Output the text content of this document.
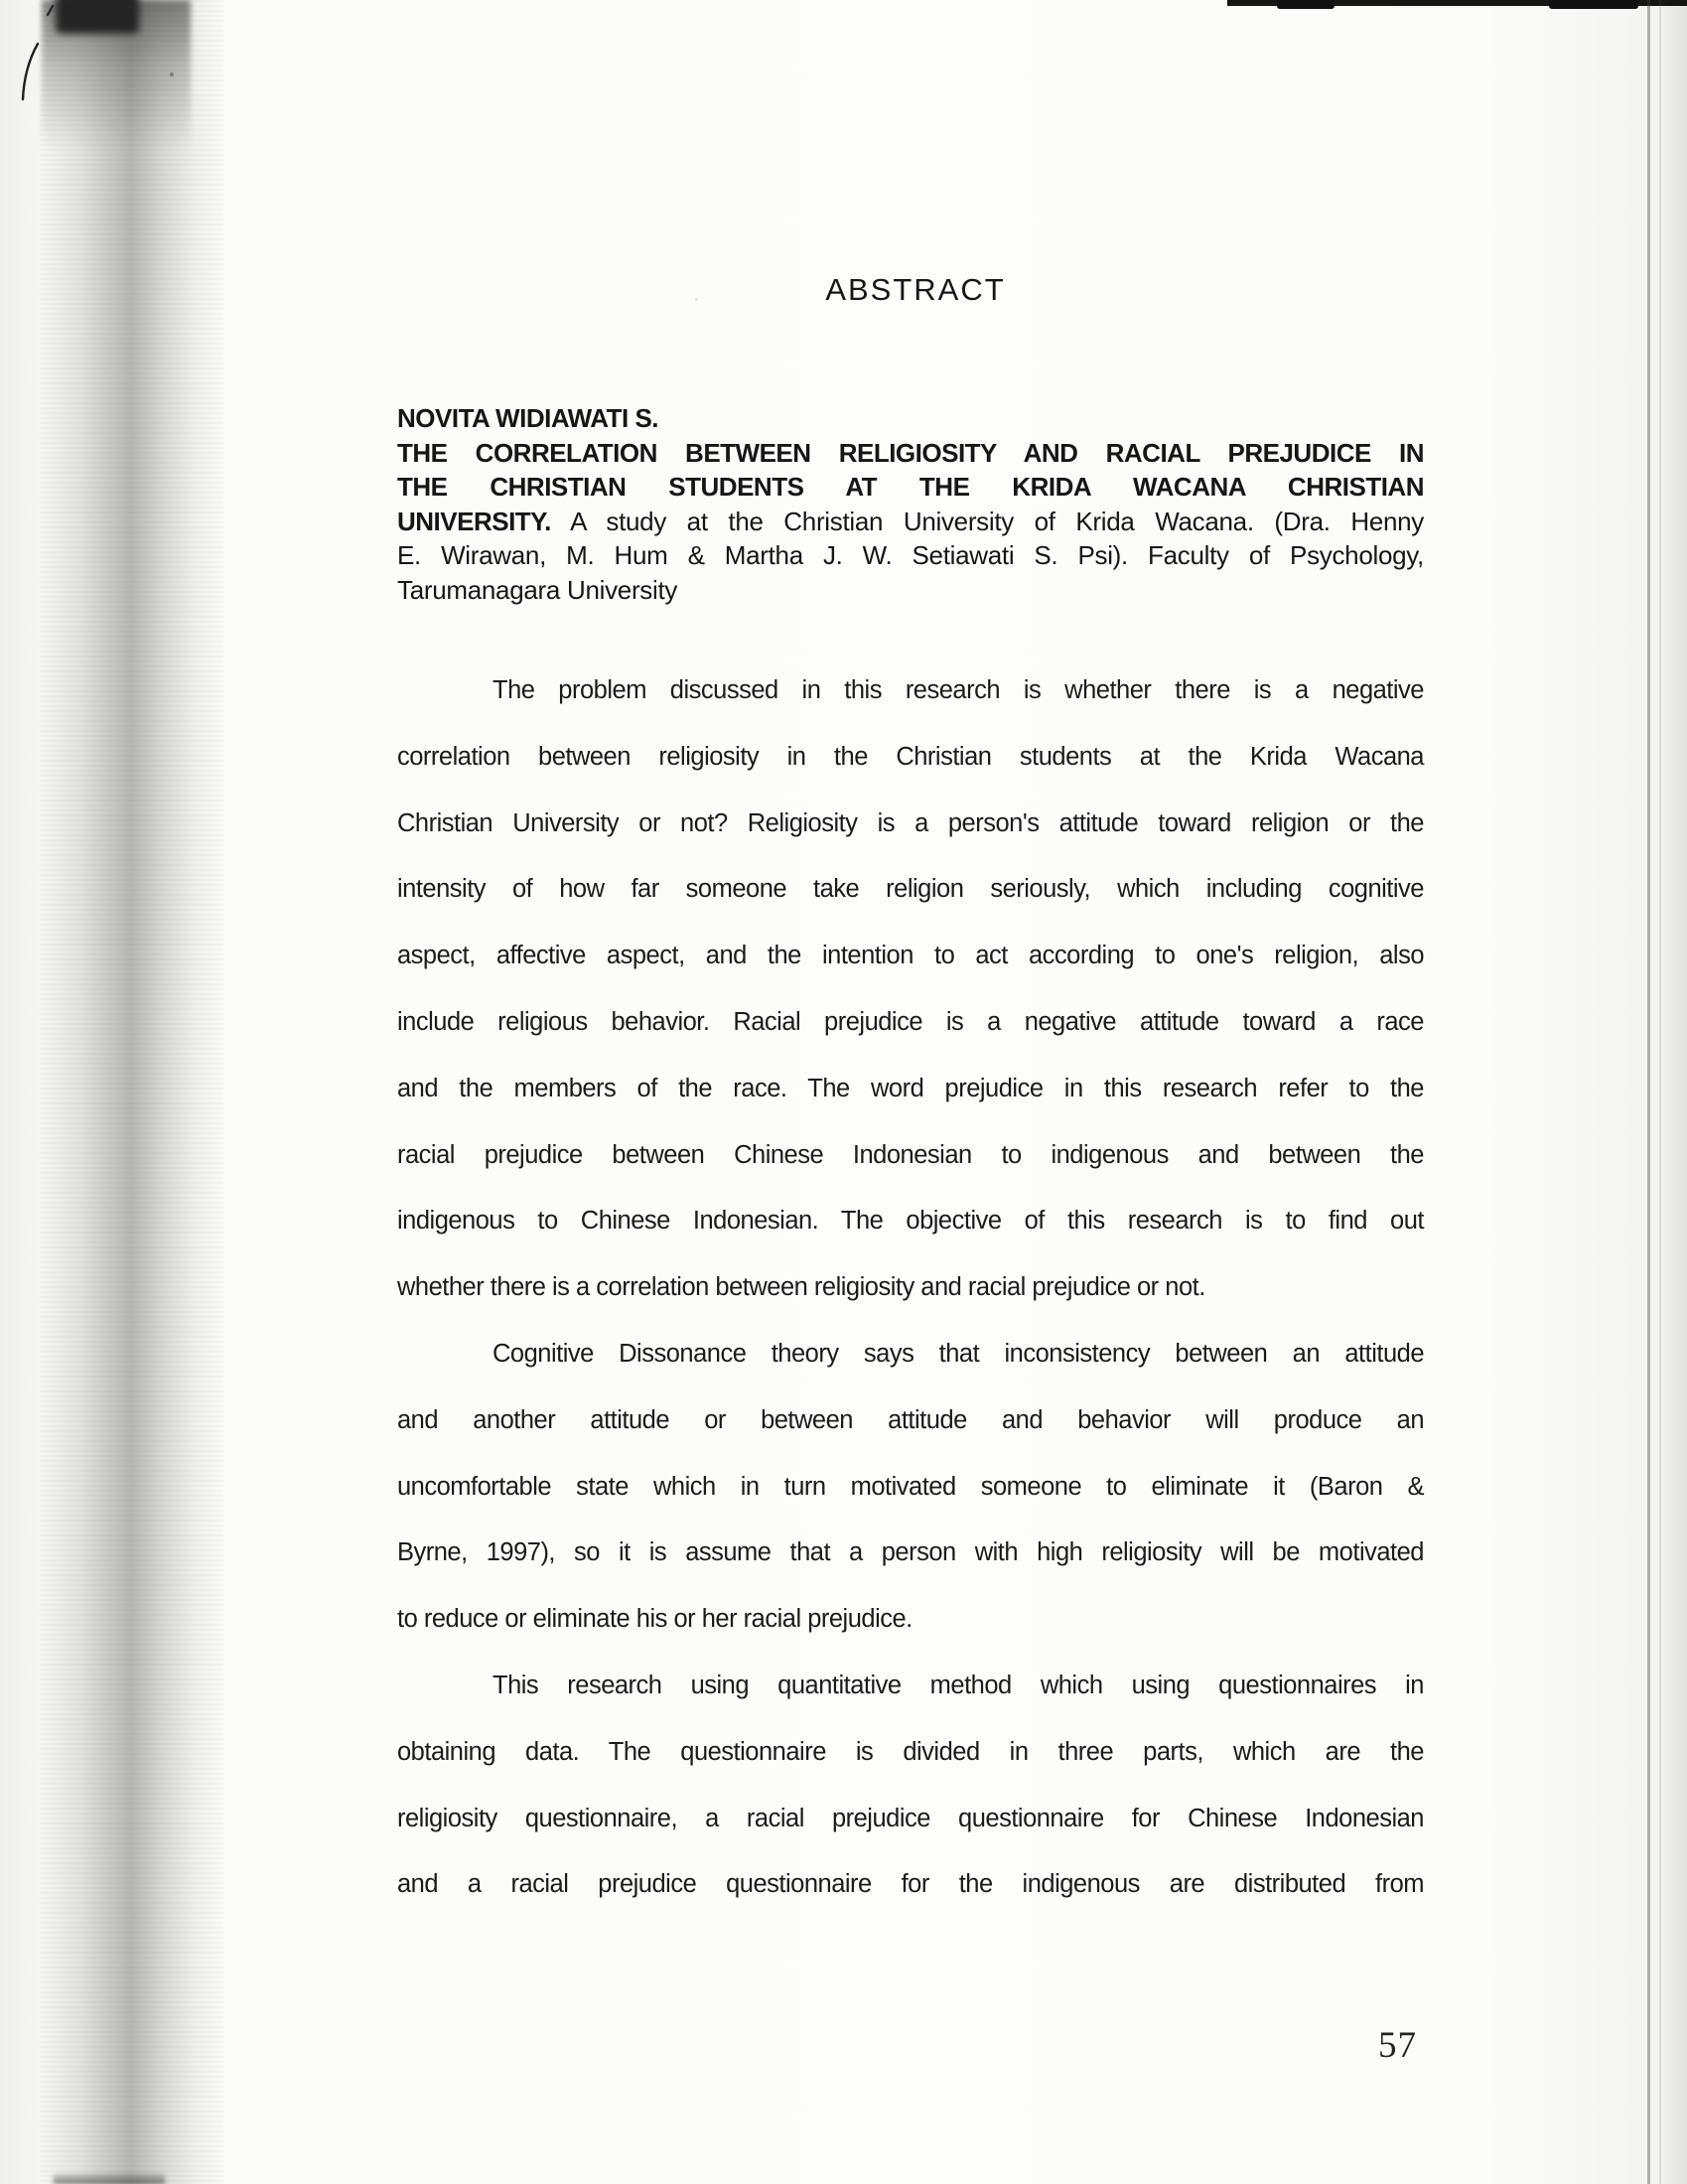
ABSTRACT
NOVITA WIDIAWATI S.
THE CORRELATION BETWEEN RELIGIOSITY AND RACIAL PREJUDICE IN
THE CHRISTIAN STUDENTS AT THE KRIDA WACANA CHRISTIAN
UNIVERSITY. A study at the Christian University of Krida Wacana. (Dra. Henny
E. Wirawan, M. Hum & Martha J. W. Setiawati S. Psi). Faculty of Psychology,
Tarumanagara University
The problem discussed in this research is whether there is a negative
correlation between religiosity in the Christian students at the Krida Wacana
Christian University or not? Religiosity is a person's attitude toward religion or the
intensity of how far someone take religion seriously, which including cognitive
aspect, affective aspect, and the intention to act according to one's religion, also
include religious behavior. Racial prejudice is a negative attitude toward a race
and the members of the race. The word prejudice in this research refer to the
racial prejudice between Chinese Indonesian to indigenous and between the
indigenous to Chinese Indonesian. The objective of this research is to find out
whether there is a correlation between religiosity and racial prejudice or not.
Cognitive Dissonance theory says that inconsistency between an attitude
and another attitude or between attitude and behavior will produce an
uncomfortable state which in turn motivated someone to eliminate it (Baron &
Byrne, 1997), so it is assume that a person with high religiosity will be motivated
to reduce or eliminate his or her racial prejudice.
This research using quantitative method which using questionnaires in
obtaining data. The questionnaire is divided in three parts, which are the
religiosity questionnaire, a racial prejudice questionnaire for Chinese Indonesian
and a racial prejudice questionnaire for the indigenous are distributed from
57
